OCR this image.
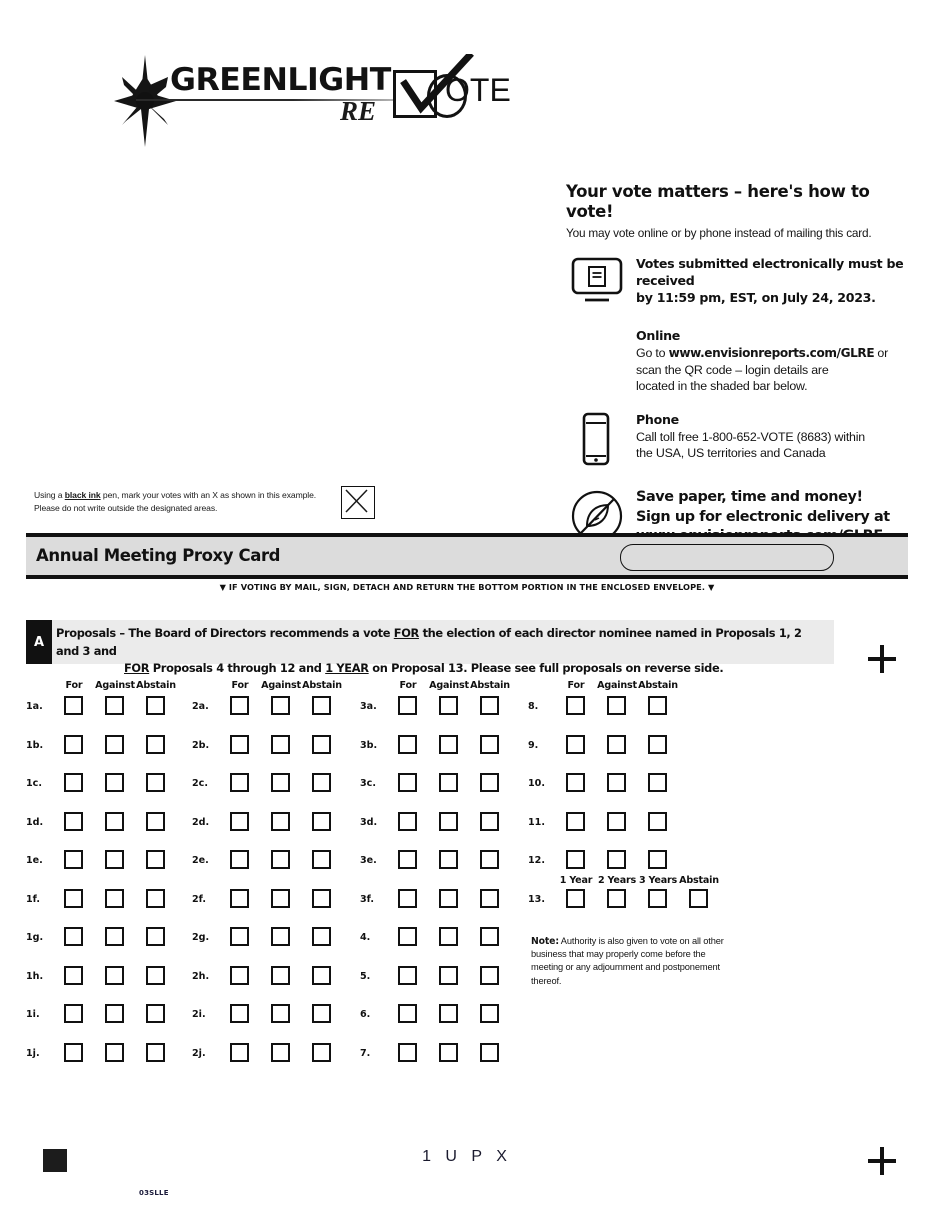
GREENLIGHT
RE
OTE
Your vote matters – here's how to vote!
You may vote online or by phone instead of mailing this card.
Votes submitted electronically must be received
by 11:59 pm, EST, on July 24, 2023.
Online
Go to www.envisionreports.com/GLRE or
scan the QR code – login details are
located in the shaded bar below.
Phone
Call toll free 1-800-652-VOTE (8683) within
the USA, US territories and Canada
Save paper, time and money!
Sign up for electronic delivery at
Using a black ink pen, mark your votes with an X as shown in this example.
Please do not write outside the designated areas.
Annual Meeting Proxy Card
▼ IF VOTING BY MAIL, SIGN, DETACH AND RETURN THE BOTTOM PORTION IN THE ENCLOSED ENVELOPE. ▼
A
Proposals – The Board of Directors recommends a vote FOR the election of each director nominee named in Proposals 1, 2 and 3 and
FOR Proposals 4 through 12 and 1 YEAR on Proposal 13. Please see full proposals on reverse side.
For	Against Abstain
1a.
1b.
1c.
1d.
1e.
1f.
1g.
1h.
1i.
1j.
For	Against Abstain
2a.
2b.
2c.
2d.
2e.
2f.
2g.
2h.
2i.
2j.
For	Against Abstain
3a.
3b.
3c.
3d.
3e.
3f.
4.
5.
6.
7.
For	Against Abstain
8.
9.
10.
11.
12.
1 Year 2 Years 3 Years Abstain
13.

Note: Authority is also given to vote on all other business that may properly come before the meeting or any adjournment and postponement thereof.

1 U P X
03SLLE
